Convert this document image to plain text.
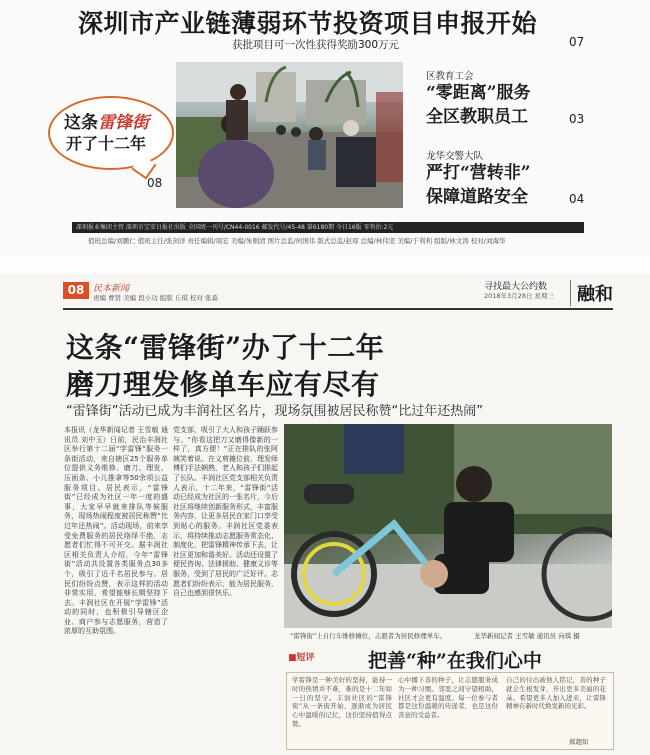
深圳市产业链薄弱环节投资项目申报开始
获批项目可一次性获得奖励300万元	07
这条雷锋街
开了十二年
08
区教育工会
“零距离”服务
全区教职员工	03
龙华交警大队
严打“营转非”
保障道路安全	04
深圳报业集团主管 深圳市宝安日报社出版 全国统一刊号/CN44-0016 邮发代号/45-48 第6180期 今日16版 零售价:2元
值班总编/刘鹏仁 值班主任/张剑洋 责任编辑/周宏 美编/朱刚清 图片总监/何国伟 版式总监/赵琼 总编/林伟坚 美编/于利利 组版/林文涛 校对/刘海华
08 民本新闻
责编 曹贤 美编 段小功 组版 丘琪 校对 张森
寻找最大公约数
2018年3月28日 星期三	融和
这条“雷锋街”办了十二年
磨刀理发修单车应有尽有
“雷锋街”活动已成为丰润社区名片，现场氛围被居民称赞“比过年还热闹”
本报讯（龙华新闻记者 王雪敏 通讯员 刘中玉）日前，民治丰润社区举行第十二届“学雷锋”服务一条街活动，来自辖区25个服务单位提供义务维修、磨刀、理发、压面条、小儿推拿等50余项公益服务项目。居民表示，“雷锋街”已经成为社区一年一度的盛事，大家早早就来排队等候服务，现场热闹程度被居民称赞“比过年还热闹”。活动现场，前来享受免费服务的居民络绎不绝，志愿者们忙得不可开交。据丰润社区相关负责人介绍，今年“雷锋街”活动共设置各类服务点30多个，吸引了近千名居民参与。居民们纷纷点赞，表示这样的活动非常实用，希望能够长期坚持下去。丰润社区在开展“学雷锋”活动的同时，也积极引导辖区企业、商户参与志愿服务，营造了浓厚的互助氛围。
党支部，吸引了大人和孩子踊跃参与。“你看这把刀又磨得像新的一样了，真方便！”正在排队的张阿姨笑着说。在义剪摊位前，理发师傅们手法娴熟，老人和孩子们排起了长队。丰润社区党支部相关负责人表示，十二年来，“雷锋街”活动已经成为社区的一张名片，今后社区将继续创新服务形式，丰富服务内容，让更多居民在家门口享受到贴心的服务。丰润社区党委表示，将持续推动志愿服务常态化、制度化，把雷锋精神传承下去，让社区更加和谐美好。活动还设置了便民咨询、法律援助、健康义诊等服务，受到了居民的广泛好评。志愿者们纷纷表示，能为居民服务，自己也感到很快乐。
“雷锋街”上自行车维修摊位，志愿者为居民修理单车。	龙华新闻记者 王雪敏 通讯员 向琪 摄
■短评	把善“种”在我们心中
学雷锋是一种美好的坚持，能持一时的热情并不难，难的是十二年如一日的坚守。丰润社区的“雷锋街”从一条街开始，逐渐成为居民心中温暖的记忆，这份坚持值得点赞。
心中播下善的种子，让志愿服务成为一种习惯。邻里之间守望相助，社区才会更有温度。每一位参与者都是这份温暖的传递者，也是这份善意的受益者。
自己的付出被他人铭记，善的种子就会生根发芽，开出更多美丽的花朵。希望更多人加入进来，让雷锋精神在新时代焕发新的光彩。
郑超知
